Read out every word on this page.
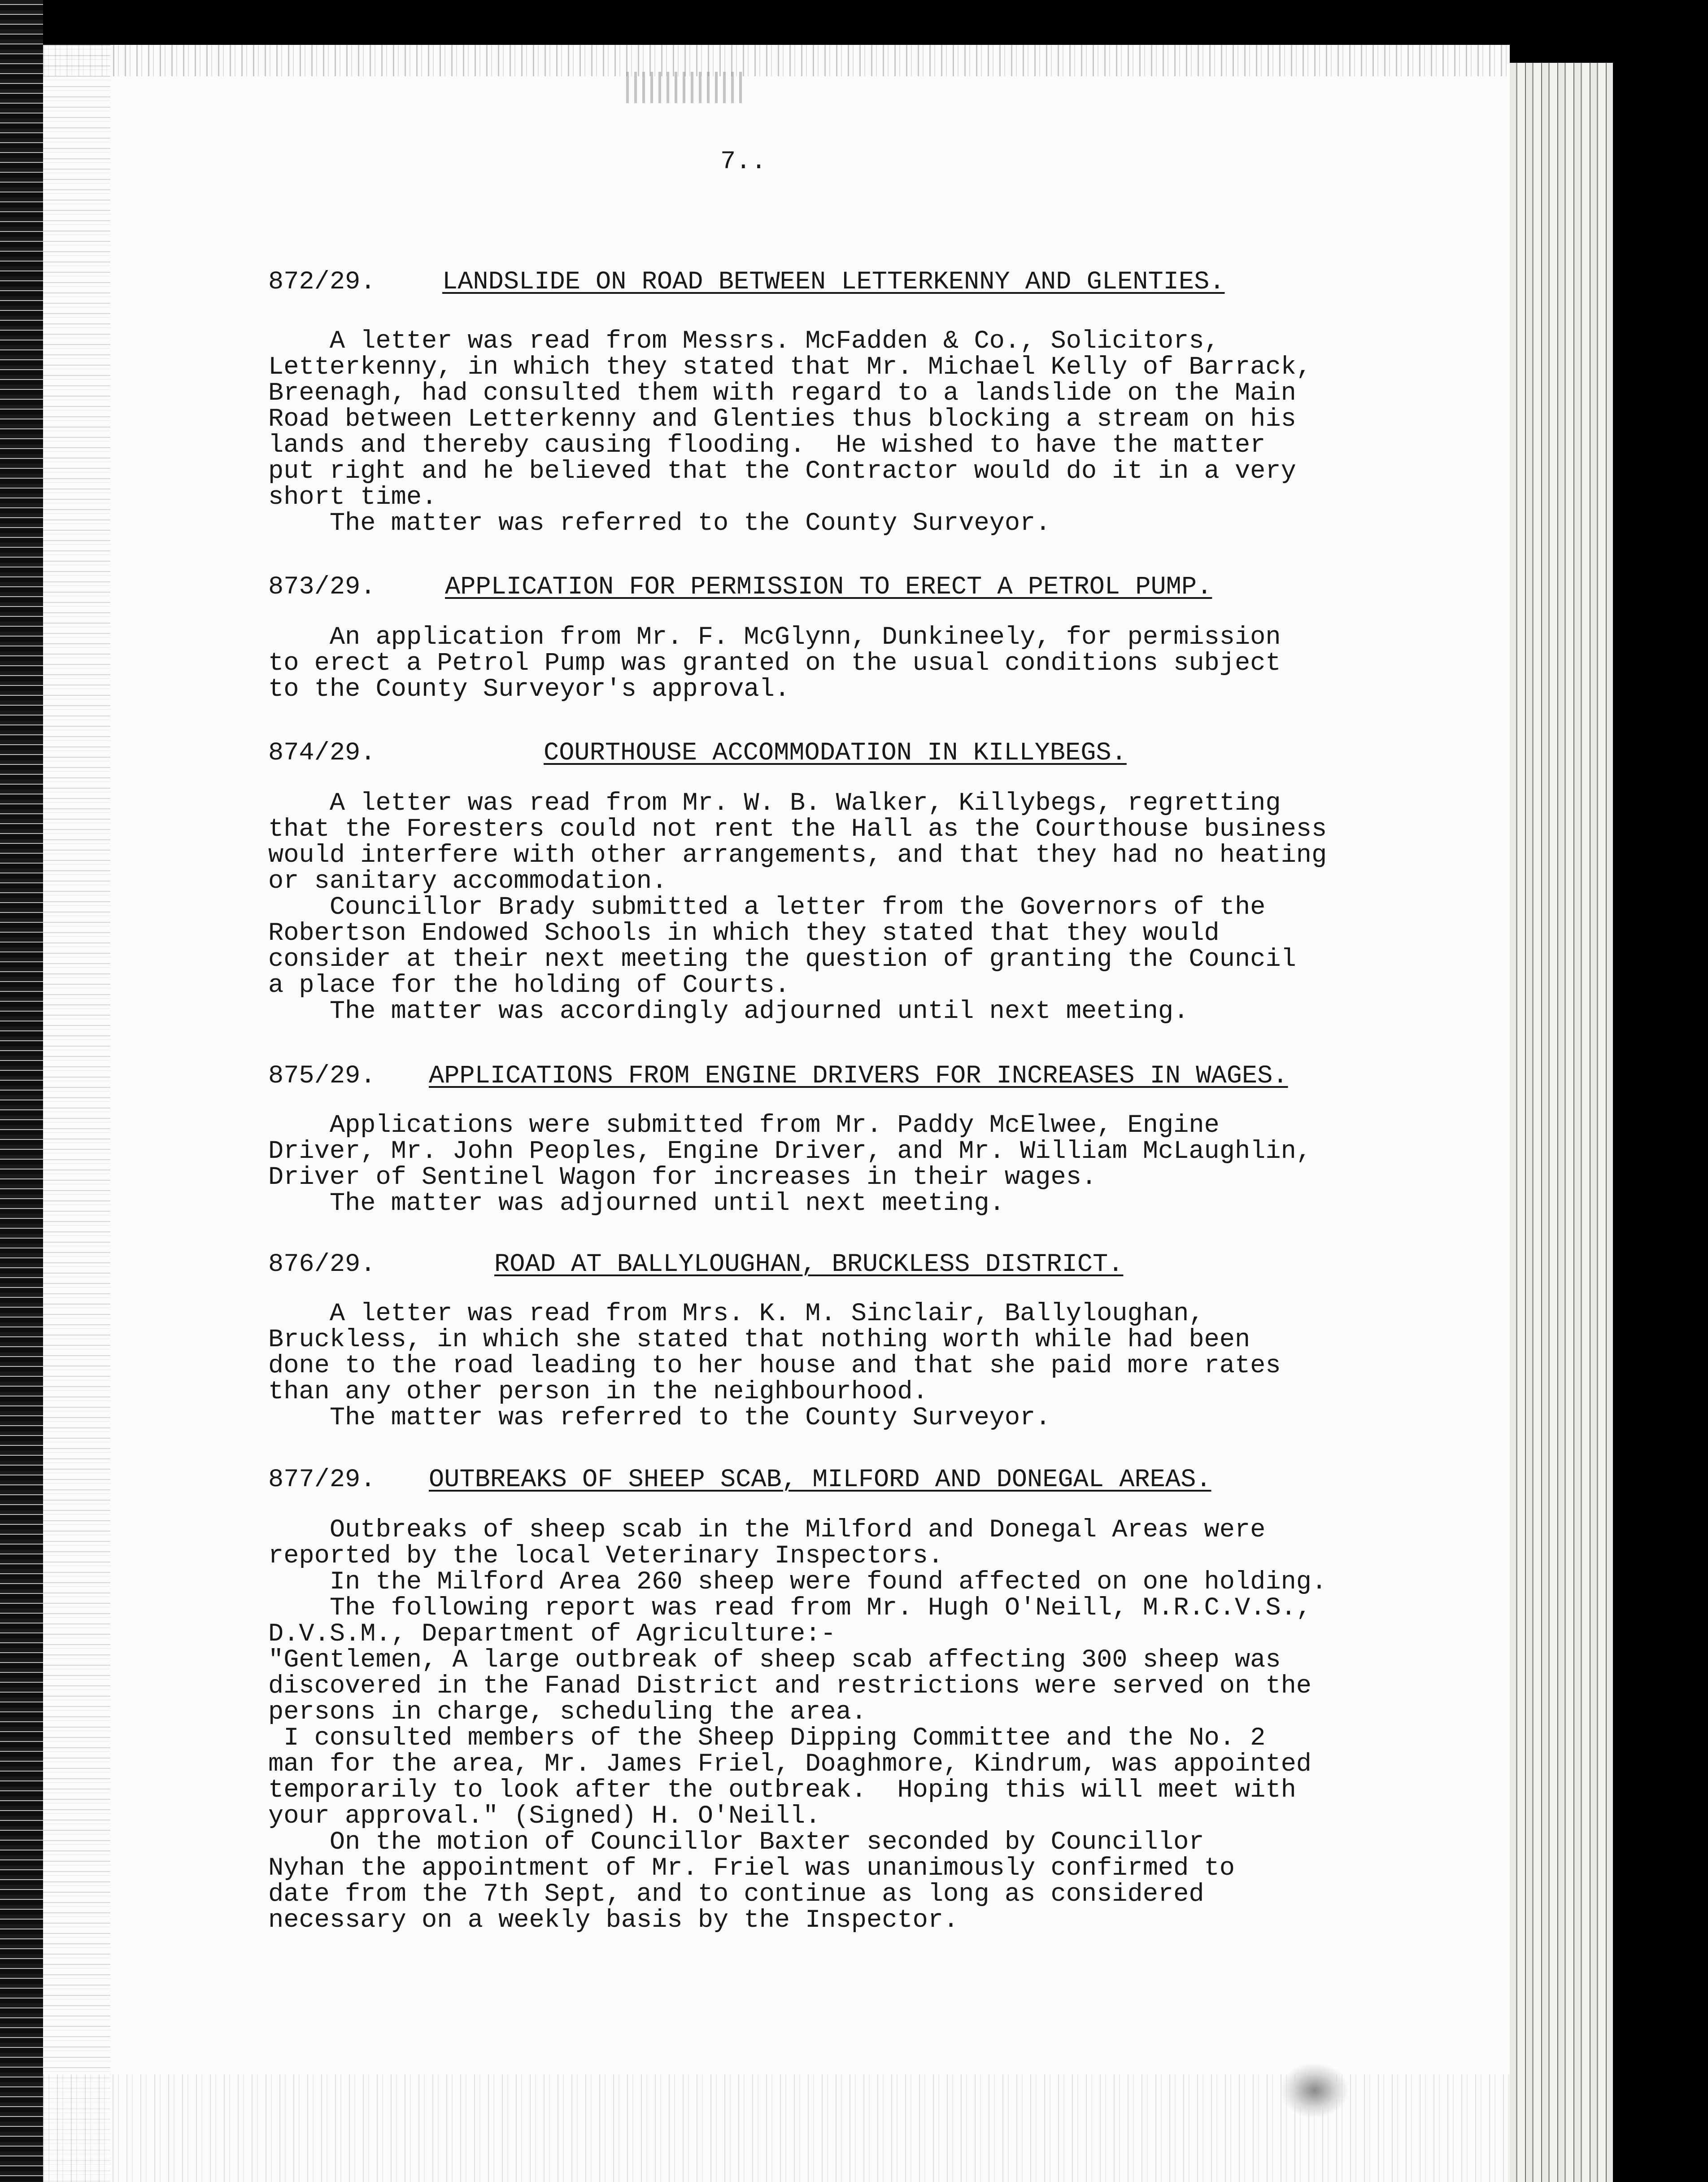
7..
872/29.	LANDSLIDE ON ROAD BETWEEN LETTERKENNY AND GLENTIES.
A letter was read from Messrs. McFadden & Co., Solicitors,
Letterkenny, in which they stated that Mr. Michael Kelly of Barrack,
Breenagh, had consulted them with regard to a landslide on the Main
Road between Letterkenny and Glenties thus blocking a stream on his
lands and thereby causing flooding.  He wished to have the matter
put right and he believed that the Contractor would do it in a very
short time.
The matter was referred to the County Surveyor.
873/29.	APPLICATION FOR PERMISSION TO ERECT A PETROL PUMP.
An application from Mr. F. McGlynn, Dunkineely, for permission
to erect a Petrol Pump was granted on the usual conditions subject
to the County Surveyor's approval.
874/29.	COURTHOUSE ACCOMMODATION IN KILLYBEGS.
A letter was read from Mr. W. B. Walker, Killybegs, regretting
that the Foresters could not rent the Hall as the Courthouse business
would interfere with other arrangements, and that they had no heating
or sanitary accommodation.
Councillor Brady submitted a letter from the Governors of the
Robertson Endowed Schools in which they stated that they would
consider at their next meeting the question of granting the Council
a place for the holding of Courts.
The matter was accordingly adjourned until next meeting.
875/29. APPLICATIONS FROM ENGINE DRIVERS FOR INCREASES IN WAGES.
Applications were submitted from Mr. Paddy McElwee, Engine
Driver, Mr. John Peoples, Engine Driver, and Mr. William McLaughlin,
Driver of Sentinel Wagon for increases in their wages.
The matter was adjourned until next meeting.
876/29.	ROAD AT BALLYLOUGHAN, BRUCKLESS DISTRICT.
A letter was read from Mrs. K. M. Sinclair, Ballyloughan,
Bruckless, in which she stated that nothing worth while had been
done to the road leading to her house and that she paid more rates
than any other person in the neighbourhood.
The matter was referred to the County Surveyor.
877/29. OUTBREAKS OF SHEEP SCAB, MILFORD AND DONEGAL AREAS.
Outbreaks of sheep scab in the Milford and Donegal Areas were
reported by the local Veterinary Inspectors.
In the Milford Area 260 sheep were found affected on one holding.
The following report was read from Mr. Hugh O'Neill, M.R.C.V.S.,
D.V.S.M., Department of Agriculture:-
"Gentlemen, A large outbreak of sheep scab affecting 300 sheep was
discovered in the Fanad District and restrictions were served on the
persons in charge, scheduling the area.
I consulted members of the Sheep Dipping Committee and the No. 2
man for the area, Mr. James Friel, Doaghmore, Kindrum, was appointed
temporarily to look after the outbreak.  Hoping this will meet with
your approval." (Signed) H. O'Neill.
On the motion of Councillor Baxter seconded by Councillor
Nyhan the appointment of Mr. Friel was unanimously confirmed to
date from the 7th Sept, and to continue as long as considered
necessary on a weekly basis by the Inspector.
